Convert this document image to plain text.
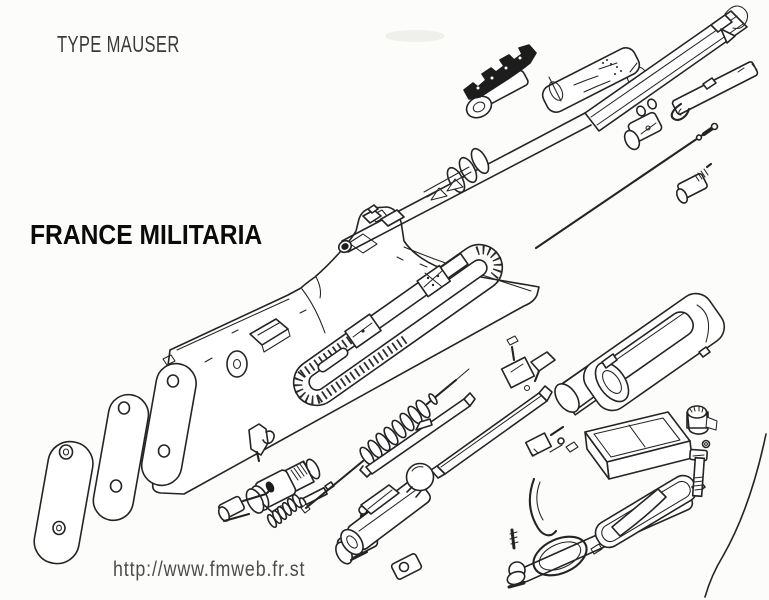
TYPE MAUSER
FRANCE MILITARIA
http://www.fmweb.fr.st
